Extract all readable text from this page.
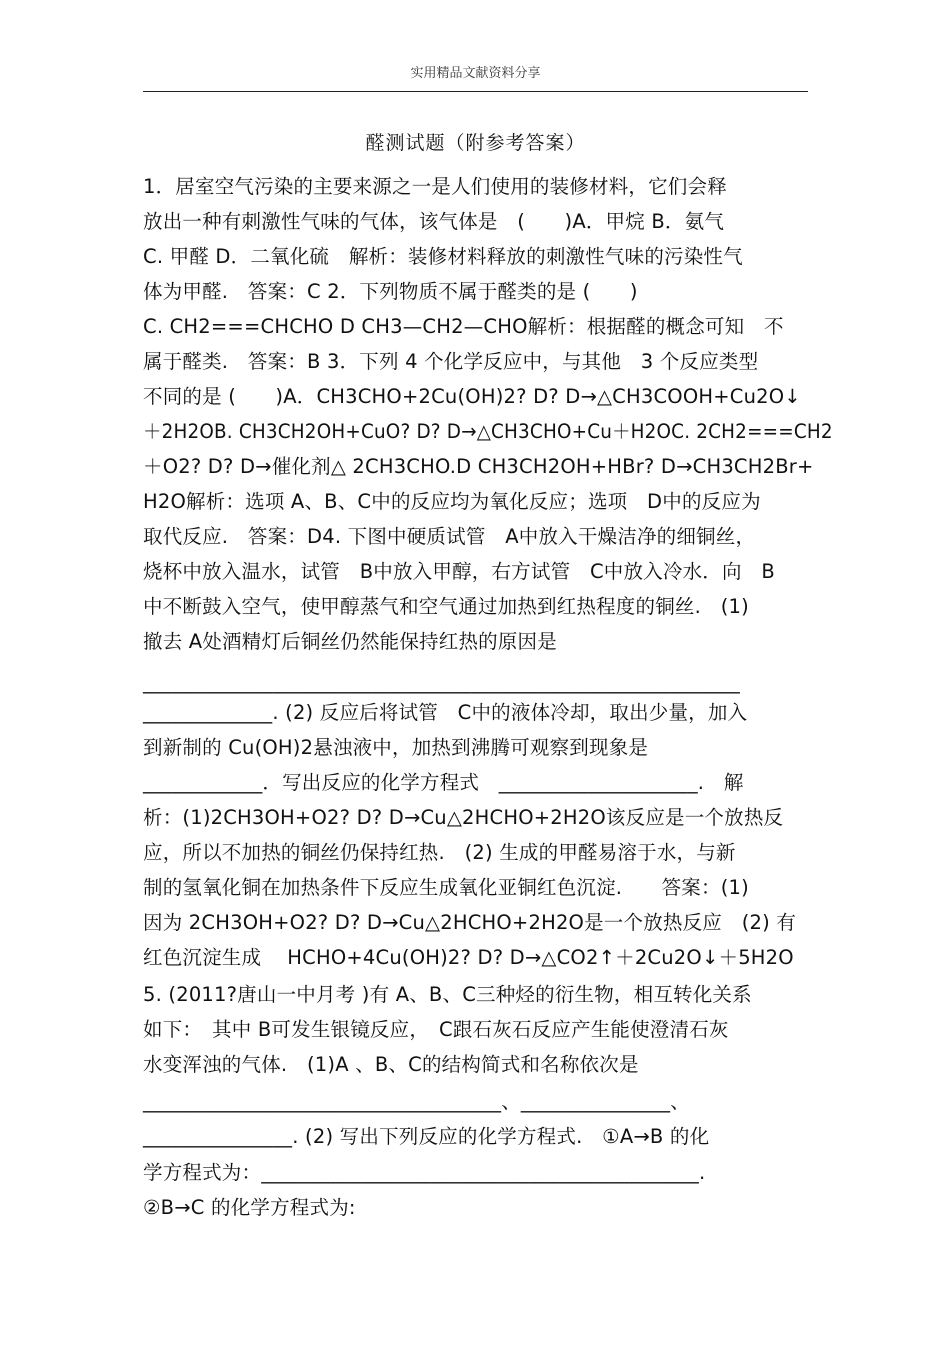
实用精品文献资料分享
醛测试题（附参考答案）
1．居室空气污染的主要来源之一是人们使用的装修材料，它们会释
放出一种有刺激性气味的气体，该气体是　(　　)A．甲烷 B．氨气
C. 甲醛 D．二氧化硫　解析：装修材料释放的刺激性气味的污染性气
体为甲醛.　答案：C 2．下列物质不属于醛类的是 (　　)
C. CH2===CHCHO D CH3—CH2—CHO解析：根据醛的概念可知　不
属于醛类.　答案：B 3．下列 4 个化学反应中，与其他　3 个反应类型
不同的是 (　　)A．CH3CHO+2Cu(OH)2? D? D→△CH3COOH+Cu2O↓
＋2H2OB. CH3CH2OH+CuO? D? D→△CH3CHO+Cu＋H2OC. 2CH2===CH2
＋O2? D? D→催化剂△ 2CH3CHO.D CH3CH2OH+HBr? D→CH3CH2Br+
H2O解析：选项 A、B、C中的反应均为氧化反应；选项　D中的反应为
取代反应.　答案：D4. 下图中硬质试管　A中放入干燥洁净的细铜丝，
烧杯中放入温水，试管　B中放入甲醇，右方试管　C中放入冷水．向　B
中不断鼓入空气，使甲醇蒸气和空气通过加热到红热程度的铜丝.　(1)
撤去 A处酒精灯后铜丝仍然能保持红热的原因是
____________________________________________________________
_____________. (2) 反应后将试管　C中的液体冷却，取出少量，加入
到新制的 Cu(OH)2悬浊液中，加热到沸腾可观察到现象是
____________．写出反应的化学方程式　____________________.　解
析：(1)2CH3OH+O2? D? D→Cu△2HCHO+2H2O该反应是一个放热反
应，所以不加热的铜丝仍保持红热.　(2) 生成的甲醛易溶于水，与新
制的氢氧化铜在加热条件下反应生成氧化亚铜红色沉淀.　　答案：(1)
因为 2CH3OH+O2? D? D→Cu△2HCHO+2H2O是一个放热反应　(2) 有
红色沉淀生成　 HCHO+4Cu(OH)2? D? D→△CO2↑＋2Cu2O↓＋5H2O
5. (2011?唐山一中月考 )有 A、B、C三种烃的衍生物，相互转化关系
如下：　其中 B可发生银镜反应，　C跟石灰石反应产生能使澄清石灰
水变浑浊的气体.　(1)A 、B、C的结构简式和名称依次是
____________________________________、_______________、
_______________. (2) 写出下列反应的化学方程式.　①A→B 的化
学方程式为：____________________________________________.
②B→C 的化学方程式为:
